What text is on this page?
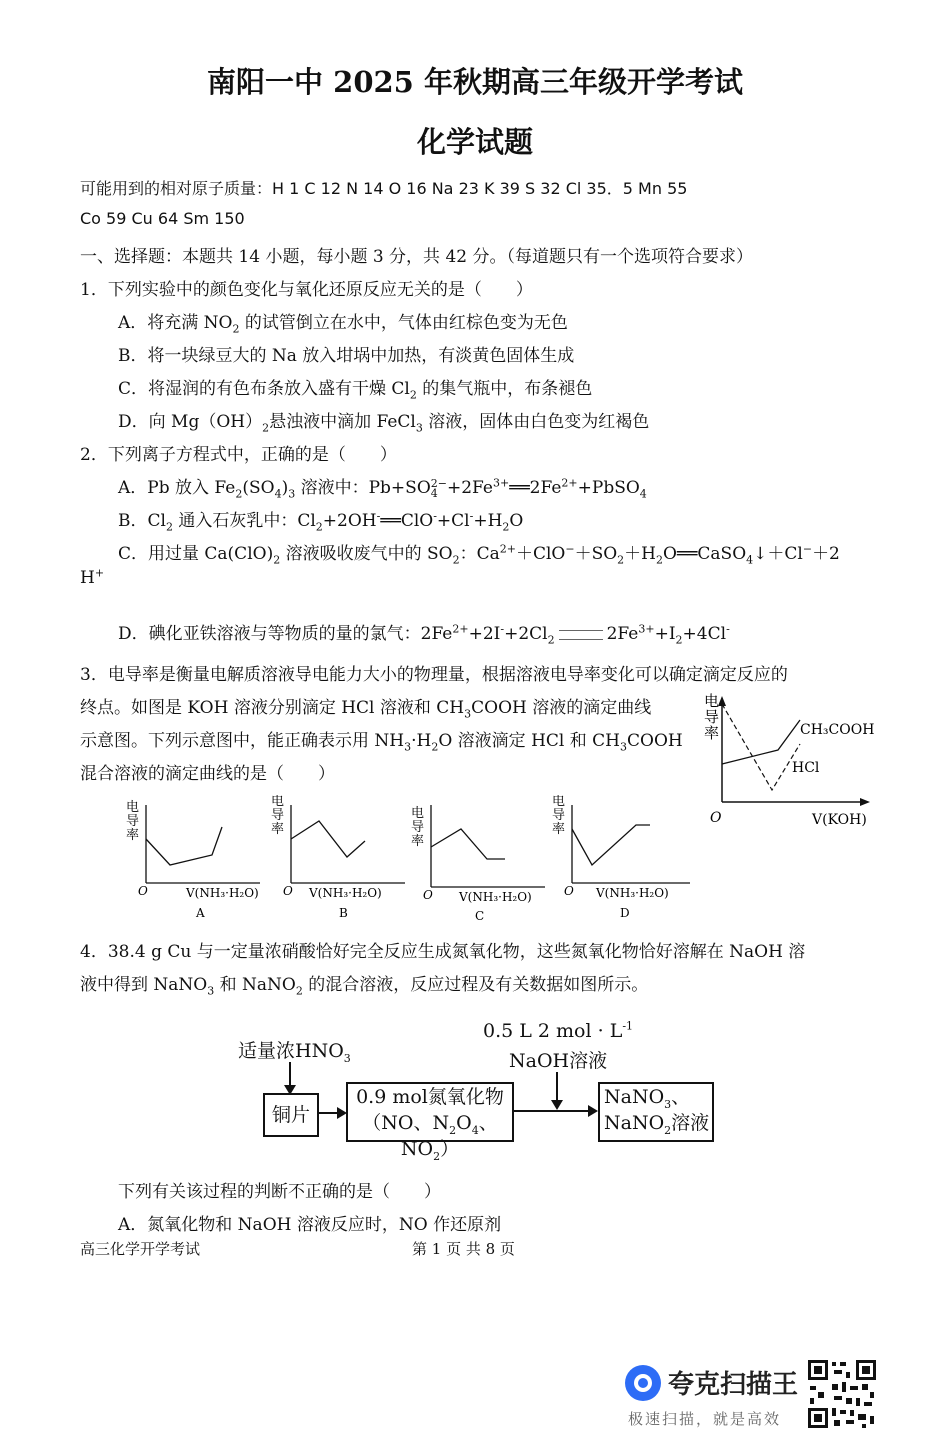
南阳一中 2025 年秋期高三年级开学考试
化学试题
可能用到的相对原子质量：H 1 C 12 N 14 O 16 Na 23 K 39 S 32 Cl 35．5 Mn 55
Co 59 Cu 64 Sm 150
一、选择题：本题共 14 小题，每小题 3 分，共 42 分。（每道题只有一个选项符合要求）
1．下列实验中的颜色变化与氧化还原反应无关的是（　　）
A．将充满 $NO_2$ 的试管倒立在水中，气体由红棕色变为无色
B．将一块绿豆大的 Na 放入坩埚中加热，有淡黄色固体生成
C．将湿润的有色布条放入盛有干燥 $Cl_2$ 的集气瓶中，布条褪色
D．向 $Mg(OH)_2$悬浊液中滴加 FeCl$_3$ 溶液，固体由白色变为红褐色
2．下列离子方程式中，正确的是（　　）
A．Pb 放入 $Fe_2(SO_4)_3$ 溶液中：Pb+SO 2−
$4 +2Fe^{3+}══2Fe^{2+}+PbSO_4$
B．$Cl_2$ 通入石灰乳中：$Cl_2+2OH^-══ClO^-+Cl^-+H_2O$
C．用过量 $Ca(ClO)_2$ 溶液吸收废气中的 $SO_2$：$Ca^{2+}+ClO^-+SO_2+H_2O══CaSO_4↓+Cl^-+2$
H+
D．碘化亚铁溶液与等物质的量的氯气：$2Fe^{2+}+2I^-+2Cl_2$	$2Fe^{3+}+I_2+4Cl^-$
3．电导率是衡量电解质溶液导电能力大小的物理量，根据溶液电导率变化可以确定滴定反应的
终点。如图是 KOH 溶液分别滴定 HCl 溶液和 $CH_3COOH$ 溶液的滴定曲线
示意图。下列示意图中，能正确表示用 $NH_3\cdot H_2O$ 溶液滴定 HCl 和 $CH_3COOH$
混合溶液的滴定曲线的是（　　）
电
导
率	CH₃COOH
HCl
O	V(KOH)
电
导
率
O	V(NH₃·H₂O)
A
电
导
率
O V(NH₃·H₂O)
B
电
导
率
O V(NH₃·H₂O)
C
电
导
率
O V(NH₃·H₂O)
D
4．38.4 g Cu 与一定量浓硝酸恰好完全反应生成氮氧化物，这些氮氧化物恰好溶解在 NaOH 溶
液中得到 NaNO$_3$ 和 NaNO$_2$ 的混合溶液，反应过程及有关数据如图所示。
适量浓$HNO_3$
0.5 L 2 mol · $L^{-1}$
NaOH溶液
铜片
0.9 mol氮氧化物
（NO、$N_2O_4$、$NO_2$）
NaNO$_3$、
NaNO$_2$溶液
下列有关该过程的判断不正确的是（　　）
A．氮氧化物和 NaOH 溶液反应时，NO 作还原剂
高三化学开学考试	第 1 页 共 8 页
夸克扫描王
极速扫描，就是高效
